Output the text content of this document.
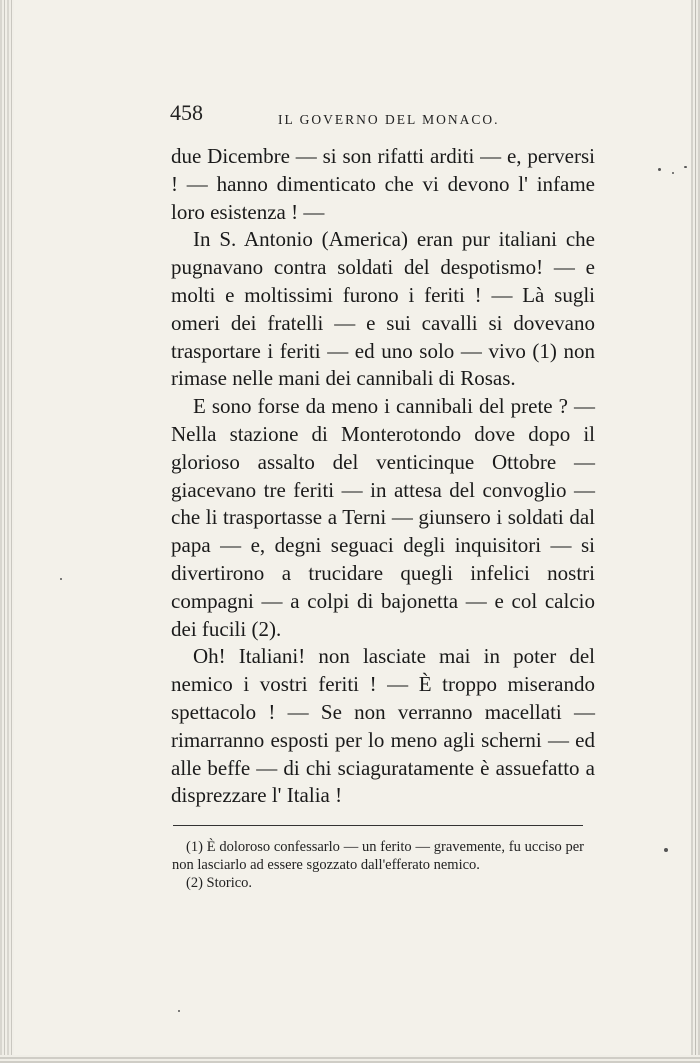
458	IL GOVERNO DEL MONACO.

due Dicembre — si son rifatti arditi — e, perversi ! — hanno dimenticato che vi devono l' infame loro esistenza ! —

In S. Antonio (America) eran pur italiani che pugnavano contra soldati del despotismo! — e molti e moltissimi furono i feriti ! — Là sugli omeri dei fratelli — e sui cavalli si dovevano trasportare i feriti — ed uno solo — vivo (1) non rimase nelle mani dei cannibali di Rosas.

E sono forse da meno i cannibali del prete ? — Nella stazione di Monterotondo dove dopo il glorioso assalto del venticinque Ottobre — giacevano tre feriti — in attesa del convoglio — che li trasportasse a Terni — giunsero i soldati dal papa — e, degni seguaci degli inquisitori — si divertirono a trucidare quegli infelici nostri compagni — a colpi di bajonetta — e col calcio dei fucili (2).

Oh! Italiani! non lasciate mai in poter del nemico i vostri feriti ! — È troppo miserando spettacolo ! — Se non verranno macellati — rimarranno esposti per lo meno agli scherni — ed alle beffe — di chi sciaguratamente è assuefatto a disprezzare l' Italia !

(1) È doloroso confessarlo — un ferito — gravemente, fu ucciso per non lasciarlo ad essere sgozzato dall'efferato nemico.

(2) Storico.
